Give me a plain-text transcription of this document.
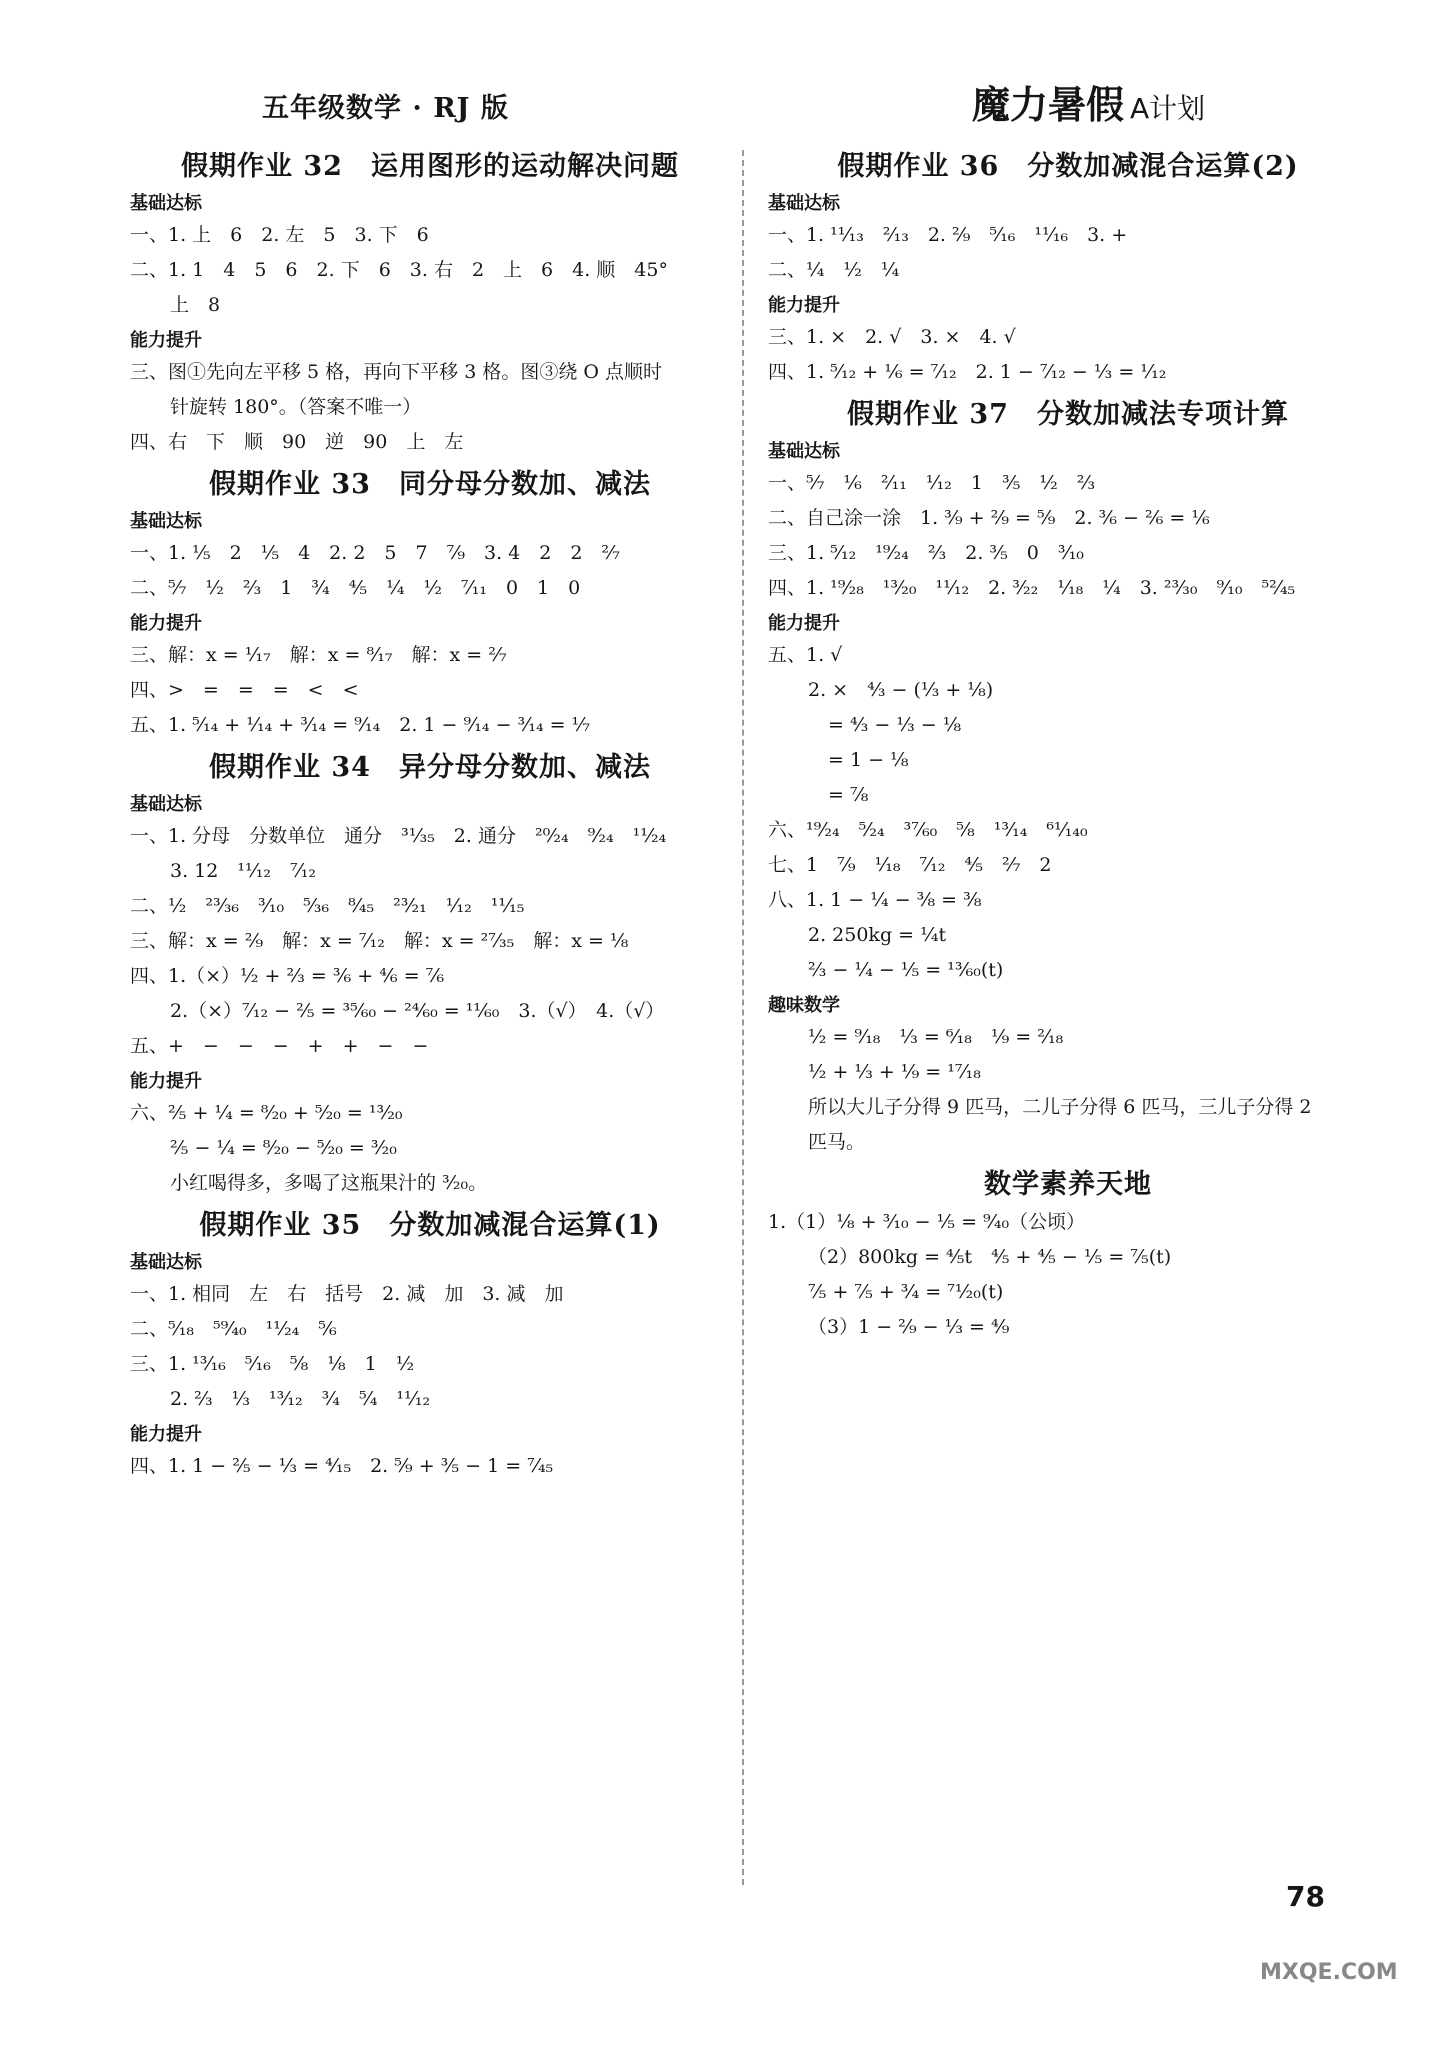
五年级数学 · RJ 版	魔力暑假 A计划
假期作业 32　运用图形的运动解决问题
基础达标
一、1. 上　6　2. 左　5　3. 下　6
二、1. 1　4　5　6　2. 下　6　3. 右　2　上　6　4. 顺　45°
上　8
能力提升
三、图①先向左平移 5 格，再向下平移 3 格。图③绕 O 点顺时
针旋转 180°。（答案不唯一）
四、右　下　顺　90　逆　90　上　左
假期作业 33　同分母分数加、减法
基础达标
一、1. ¹⁄₅　2　¹⁄₅　4　2. 2　5　7　⁷⁄₉　3. 4　2　2　²⁄₇
二、⁵⁄₇　¹⁄₂　²⁄₃　1　³⁄₄　⁴⁄₅　¹⁄₄　¹⁄₂　⁷⁄₁₁　0　1　0
能力提升
三、解：x = ¹⁄₁₇　解：x = ⁸⁄₁₇　解：x = ²⁄₇
四、>　=　=　=　<　<
五、1. ⁵⁄₁₄ + ¹⁄₁₄ + ³⁄₁₄ = ⁹⁄₁₄　2. 1 − ⁹⁄₁₄ − ³⁄₁₄ = ¹⁄₇
假期作业 34　异分母分数加、减法
基础达标
一、1. 分母　分数单位　通分　³¹⁄₃₅　2. 通分　²⁰⁄₂₄　⁹⁄₂₄　¹¹⁄₂₄
3. 12　¹¹⁄₁₂　⁷⁄₁₂
二、¹⁄₂　²³⁄₃₆　³⁄₁₀　⁵⁄₃₆　⁸⁄₄₅　²³⁄₂₁　¹⁄₁₂　¹¹⁄₁₅
三、解：x = ²⁄₉　解：x = ⁷⁄₁₂　解：x = ²⁷⁄₃₅　解：x = ¹⁄₈
四、1.（×）¹⁄₂ + ²⁄₃ = ³⁄₆ + ⁴⁄₆ = ⁷⁄₆
2.（×）⁷⁄₁₂ − ²⁄₅ = ³⁵⁄₆₀ − ²⁴⁄₆₀ = ¹¹⁄₆₀　3.（√）　4.（√）
五、+　−　−　−　+　+　−　−
能力提升
六、²⁄₅ + ¹⁄₄ = ⁸⁄₂₀ + ⁵⁄₂₀ = ¹³⁄₂₀
²⁄₅ − ¹⁄₄ = ⁸⁄₂₀ − ⁵⁄₂₀ = ³⁄₂₀
小红喝得多，多喝了这瓶果汁的 ³⁄₂₀。
假期作业 35　分数加减混合运算(1)
基础达标
一、1. 相同　左　右　括号　2. 减　加　3. 减　加
二、⁵⁄₁₈　⁵⁹⁄₄₀　¹¹⁄₂₄　⁵⁄₆
三、1. ¹³⁄₁₆　⁵⁄₁₆　⁵⁄₈　¹⁄₈　1　¹⁄₂
2. ²⁄₃　¹⁄₃　¹³⁄₁₂　³⁄₄　⁵⁄₄　¹¹⁄₁₂
能力提升
四、1. 1 − ²⁄₅ − ¹⁄₃ = ⁴⁄₁₅　2. ⁵⁄₉ + ³⁄₅ − 1 = ⁷⁄₄₅
假期作业 36　分数加减混合运算(2)
基础达标
一、1. ¹¹⁄₁₃　²⁄₁₃　2. ²⁄₉　⁵⁄₁₆　¹¹⁄₁₆　3. +
二、¹⁄₄　¹⁄₂　¹⁄₄
能力提升
三、1. ×　2. √　3. ×　4. √
四、1. ⁵⁄₁₂ + ¹⁄₆ = ⁷⁄₁₂　2. 1 − ⁷⁄₁₂ − ¹⁄₃ = ¹⁄₁₂
假期作业 37　分数加减法专项计算
基础达标
一、⁵⁄₇　¹⁄₆　²⁄₁₁　¹⁄₁₂　1　³⁄₅　¹⁄₂　²⁄₃
二、自己涂一涂　1. ³⁄₉ + ²⁄₉ = ⁵⁄₉　2. ³⁄₆ − ²⁄₆ = ¹⁄₆
三、1. ⁵⁄₁₂　¹⁹⁄₂₄　²⁄₃　2. ³⁄₅　0　³⁄₁₀
四、1. ¹⁹⁄₂₈　¹³⁄₂₀　¹¹⁄₁₂　2. ³⁄₂₂　¹⁄₁₈　¹⁄₄　3. ²³⁄₃₀　⁹⁄₁₀　⁵²⁄₄₅
能力提升
五、1. √
2. ×　⁴⁄₃ − (¹⁄₃ + ¹⁄₈)
= ⁴⁄₃ − ¹⁄₃ − ¹⁄₈
= 1 − ¹⁄₈
= ⁷⁄₈
六、¹⁹⁄₂₄　⁵⁄₂₄　³⁷⁄₆₀　⁵⁄₈　¹³⁄₁₄　⁶¹⁄₁₄₀
七、1　⁷⁄₉　¹⁄₁₈　⁷⁄₁₂　⁴⁄₅　²⁄₇　2
八、1. 1 − ¹⁄₄ − ³⁄₈ = ³⁄₈
2. 250kg = ¹⁄₄t
²⁄₃ − ¹⁄₄ − ¹⁄₅ = ¹³⁄₆₀(t)
趣味数学
¹⁄₂ = ⁹⁄₁₈　¹⁄₃ = ⁶⁄₁₈　¹⁄₉ = ²⁄₁₈
¹⁄₂ + ¹⁄₃ + ¹⁄₉ = ¹⁷⁄₁₈
所以大儿子分得 9 匹马，二儿子分得 6 匹马，三儿子分得 2
匹马。
数学素养天地
1.（1）¹⁄₈ + ³⁄₁₀ − ¹⁄₅ = ⁹⁄₄₀（公顷）
（2）800kg = ⁴⁄₅t　⁴⁄₅ + ⁴⁄₅ − ¹⁄₅ = ⁷⁄₅(t)
⁷⁄₅ + ⁷⁄₅ + ³⁄₄ = ⁷¹⁄₂₀(t)
（3）1 − ²⁄₉ − ¹⁄₃ = ⁴⁄₉
78
MXQE.COM
